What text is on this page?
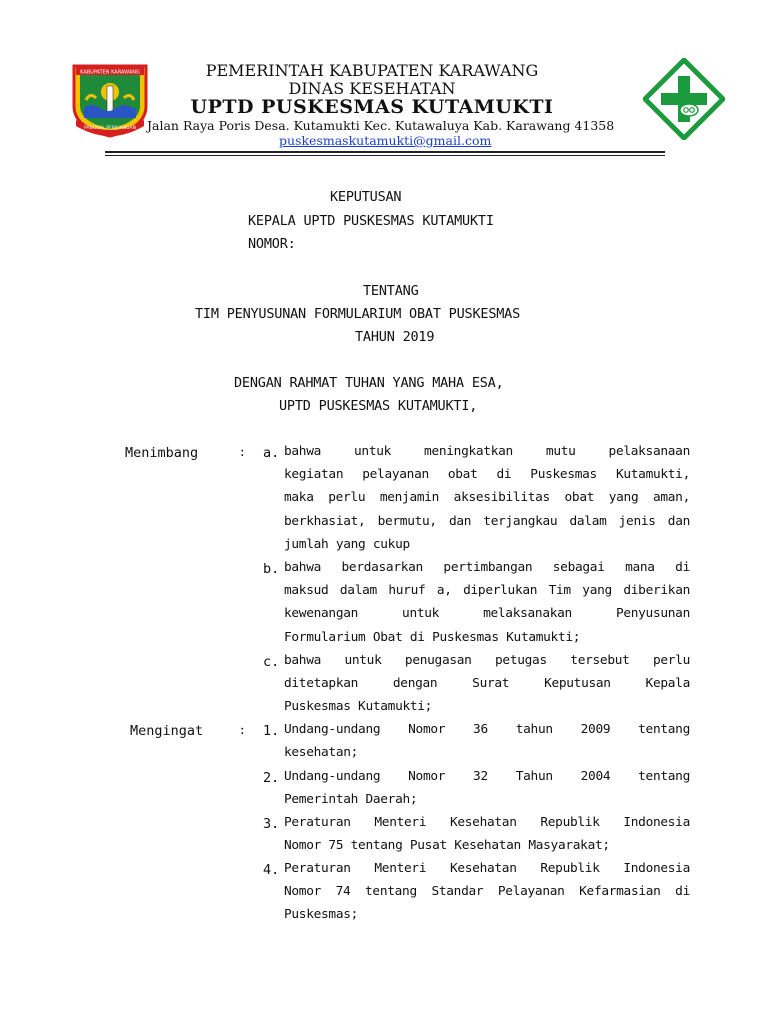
KABUPATEN KARAWANG
PANGKAL PERJUANGAN
PEMERINTAH KABUPATEN KARAWANG
DINAS KESEHATAN
UPTD PUSKESMAS KUTAMUKTI
Jalan Raya Poris Desa. Kutamukti Kec. Kutawaluya Kab. Karawang 41358
puskesmaskutamukti@gmail.com
KEPUTUSAN
KEPALA UPTD PUSKESMAS KUTAMUKTI
NOMOR:
TENTANG
TIM PENYUSUNAN FORMULARIUM OBAT PUSKESMAS
TAHUN 2019
DENGAN RAHMAT TUHAN YANG MAHA ESA,
UPTD PUSKESMAS KUTAMUKTI,
Menimbang	: a. bahwa untuk meningkatkan mutu pelaksanaan
kegiatan pelayanan obat di Puskesmas Kutamukti,
maka perlu menjamin aksesibilitas obat yang aman,
berkhasiat, bermutu, dan terjangkau dalam jenis dan
jumlah yang cukup
b. bahwa berdasarkan pertimbangan sebagai mana di
maksud dalam huruf a, diperlukan Tim yang diberikan
kewenangan untuk melaksanakan Penyusunan
Formularium Obat di Puskesmas Kutamukti;
c. bahwa untuk penugasan petugas tersebut perlu
ditetapkan dengan Surat Keputusan Kepala
Puskesmas Kutamukti;
Mengingat	: 1. Undang-undang Nomor 36 tahun 2009 tentang
kesehatan;
2. Undang-undang Nomor 32 Tahun 2004 tentang
Pemerintah Daerah;
3. Peraturan Menteri Kesehatan Republik Indonesia
Nomor 75 tentang Pusat Kesehatan Masyarakat;
4. Peraturan Menteri Kesehatan Republik Indonesia
Nomor 74 tentang Standar Pelayanan Kefarmasian di
Puskesmas;
